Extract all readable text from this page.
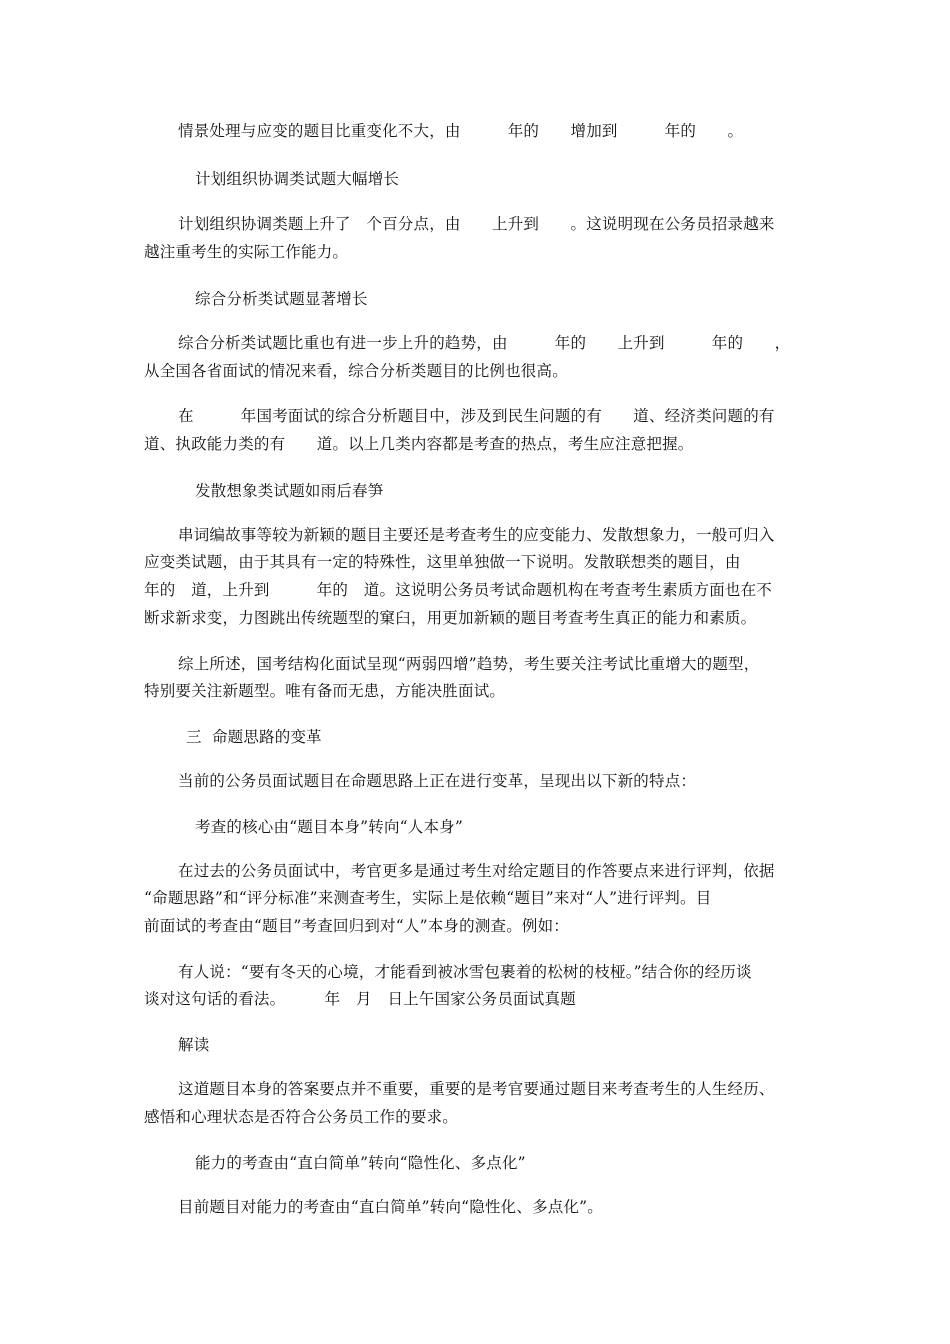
情景处理与应变的题目比重变化不大，由　　　年的　　增加到　　　年的　　。
计划组织协调类试题大幅增长
计划组织协调类题上升了　个百分点，由　　上升到　　。这说明现在公务员招录越来
越注重考生的实际工作能力。
综合分析类试题显著增长
综合分析类试题比重也有进一步上升的趋势，由　　　年的　　上升到　　　年的　　，
从全国各省面试的情况来看，综合分析类题目的比例也很高。
在　　　年国考面试的综合分析题目中，涉及到民生问题的有　　道、经济类问题的有
道、执政能力类的有　　道。以上几类内容都是考查的热点，考生应注意把握。
发散想象类试题如雨后春笋
串词编故事等较为新颖的题目主要还是考查考生的应变能力、发散想象力，一般可归入
应变类试题，由于其具有一定的特殊性，这里单独做一下说明。发散联想类的题目，由
年的　道，上升到　　　年的　道。这说明公务员考试命题机构在考查考生素质方面也在不
断求新求变，力图跳出传统题型的窠臼，用更加新颖的题目考查考生真正的能力和素质。
综上所述，国考结构化面试呈现“两弱四增”趋势，考生要关注考试比重增大的题型，
特别要关注新题型。唯有备而无患，方能决胜面试。
三  命题思路的变革
当前的公务员面试题目在命题思路上正在进行变革，呈现出以下新的特点：
考查的核心由“题目本身”转向“人本身”
在过去的公务员面试中，考官更多是通过考生对给定题目的作答要点来进行评判，依据
“命题思路”和“评分标准”来测查考生，实际上是依赖“题目”来对“人”进行评判。目
前面试的考查由“题目”考查回归到对“人”本身的测查。例如：
有人说：“要有冬天的心境，才能看到被冰雪包裹着的松树的枝桠。”结合你的经历谈
谈对这句话的看法。　　　年　月　日上午国家公务员面试真题
解读
这道题目本身的答案要点并不重要，重要的是考官要通过题目来考查考生的人生经历、
感悟和心理状态是否符合公务员工作的要求。
能力的考查由“直白简单”转向“隐性化、多点化”
目前题目对能力的考查由“直白简单”转向“隐性化、多点化”。
